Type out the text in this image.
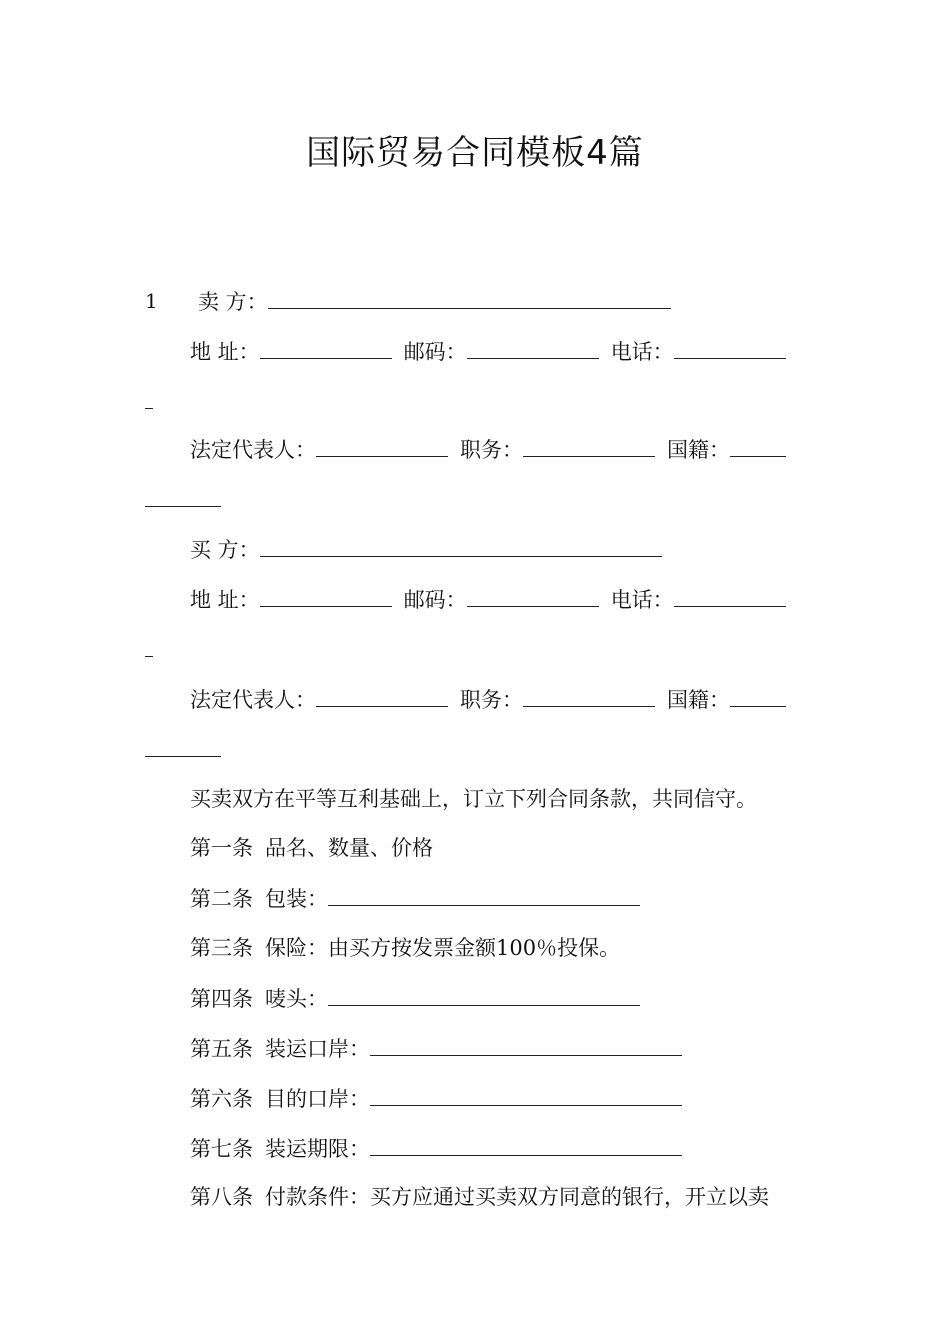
国际贸易合同模板4篇
1 卖 方：
地 址：	邮码：	电话：
法定代表人：	职务：	国籍：
买 方：
地 址：	邮码：	电话：
法定代表人：	职务：	国籍：
买卖双方在平等互利基础上，订立下列合同条款，共同信守。
第一条 品名、数量、价格
第二条 包装：
第三条 保险：由买方按发票金额100％投保。
第四条 唛头：
第五条 装运口岸：
第六条 目的口岸：
第七条 装运期限：
第八条 付款条件：买方应通过买卖双方同意的银行，开立以卖
